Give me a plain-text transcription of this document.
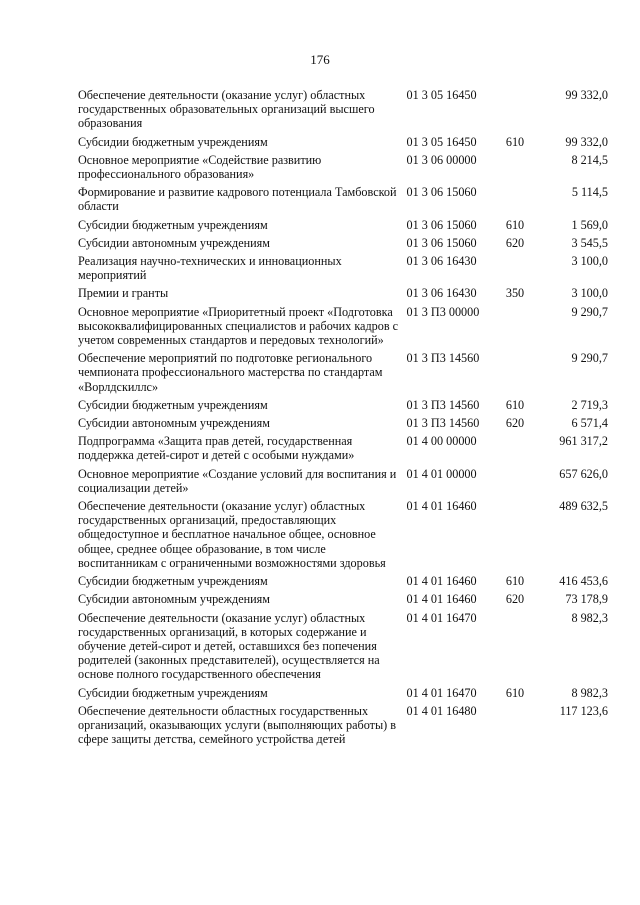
176
Обеспечение деятельности (оказание услуг) областных государственных образовательных организаций высшего образования	01 3 05 16450		99 332,0
Субсидии бюджетным учреждениям	01 3 05 16450	610	99 332,0
Основное мероприятие «Содействие развитию профессионального образования»	01 3 06 00000		8 214,5
Формирование и развитие кадрового потенциала Тамбовской области	01 3 06 15060		5 114,5
Субсидии бюджетным учреждениям	01 3 06 15060	610	1 569,0
Субсидии автономным учреждениям	01 3 06 15060	620	3 545,5
Реализация научно-технических и инновационных мероприятий	01 3 06 16430		3 100,0
Премии и гранты	01 3 06 16430	350	3 100,0
Основное мероприятие «Приоритетный проект «Подготовка высококвалифицированных специалистов и рабочих кадров с учетом современных стандартов и передовых технологий»	01 3 П3 00000		9 290,7
Обеспечение мероприятий по подготовке регионального чемпионата профессионального мастерства по стандартам «Ворлдскиллс»	01 3 П3 14560		9 290,7
Субсидии бюджетным учреждениям	01 3 П3 14560	610	2 719,3
Субсидии автономным учреждениям	01 3 П3 14560	620	6 571,4
Подпрограмма «Защита прав детей, государственная поддержка детей-сирот и детей с особыми нуждами»	01 4 00 00000		961 317,2
Основное мероприятие «Создание условий для воспитания и социализации детей»	01 4 01 00000		657 626,0
Обеспечение деятельности (оказание услуг) областных государственных организаций, предоставляющих общедоступное и бесплатное начальное общее, основное общее, среднее общее образование, в том числе воспитанникам с ограниченными возможностями здоровья	01 4 01 16460		489 632,5
Субсидии бюджетным учреждениям	01 4 01 16460	610	416 453,6
Субсидии автономным учреждениям	01 4 01 16460	620	73 178,9
Обеспечение деятельности (оказание услуг) областных государственных организаций, в которых содержание и обучение детей-сирот и детей, оставшихся без попечения родителей (законных представителей), осуществляется на основе полного государственного обеспечения	01 4 01 16470		8 982,3
Субсидии бюджетным учреждениям	01 4 01 16470	610	8 982,3
Обеспечение деятельности областных государственных организаций, оказывающих услуги (выполняющих работы) в сфере защиты детства, семейного устройства детей	01 4 01 16480		117 123,6
